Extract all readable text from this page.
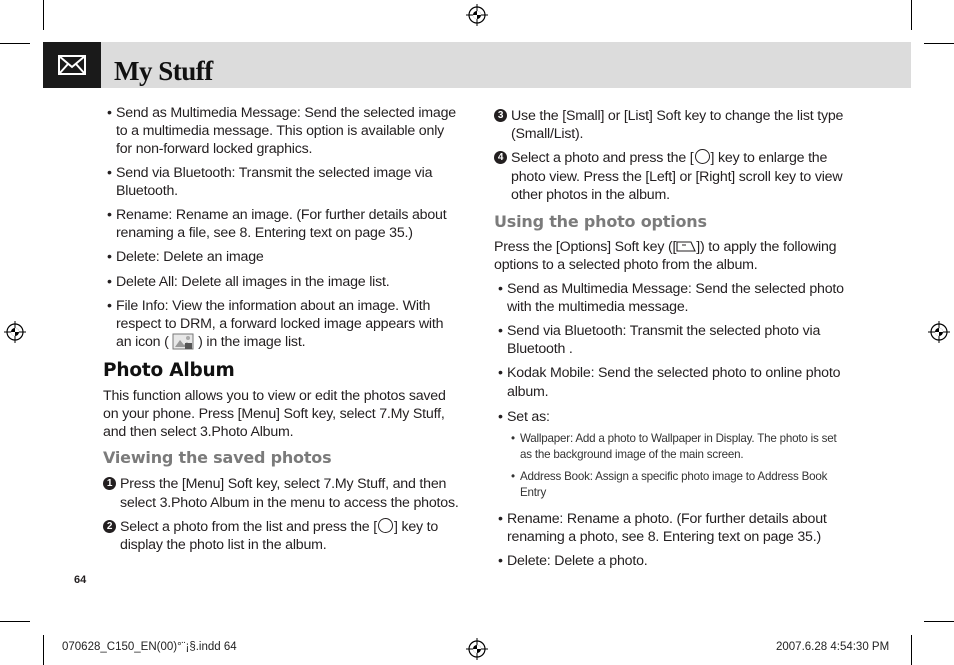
My Stuff

• Send as Multimedia Message: Send the selected image to a multimedia message. This option is available only for non-forward locked graphics.

• Send via Bluetooth: Transmit the selected image via Bluetooth.

• Rename: Rename an image. (For further details about renaming a file, see 8. Entering text on page 35.)

• Delete: Delete an image

• Delete All: Delete all images in the image list.

• File Info: View the information about an image. With respect to DRM, a forward locked image appears with an icon ( ) in the image list.

Photo Album

This function allows you to view or edit the photos saved on your phone. Press [Menu] Soft key, select 7.My Stuff, and then select 3.Photo Album.

Viewing the saved photos

1 Press the [Menu] Soft key, select 7.My Stuff, and then select 3.Photo Album in the menu to access the photos.

2 Select a photo from the list and press the [ ] key to display the photo list in the album.

64

3 Use the [Small] or [List] Soft key to change the list type (Small/List).

4 Select a photo and press the [ ] key to enlarge the photo view. Press the [Left] or [Right] scroll key to view other photos in the album.

Using the photo options

Press the [Options] Soft key ([ ]) to apply the following options to a selected photo from the album.

• Send as Multimedia Message: Send the selected photo with the multimedia message.

• Send via Bluetooth: Transmit the selected photo via Bluetooth .

• Kodak Mobile: Send the selected photo to online photo album.

• Set as:

• Wallpaper: Add a photo to Wallpaper in Display. The photo is set as the background image of the main screen.

• Address Book: Assign a specific photo image to Address Book Entry

• Rename: Rename a photo. (For further details about renaming a photo, see 8. Entering text on page 35.)

• Delete: Delete a photo.

070628_C150_EN(00)°¨¡§.indd 64	2007.6.28 4:54:30 PM
